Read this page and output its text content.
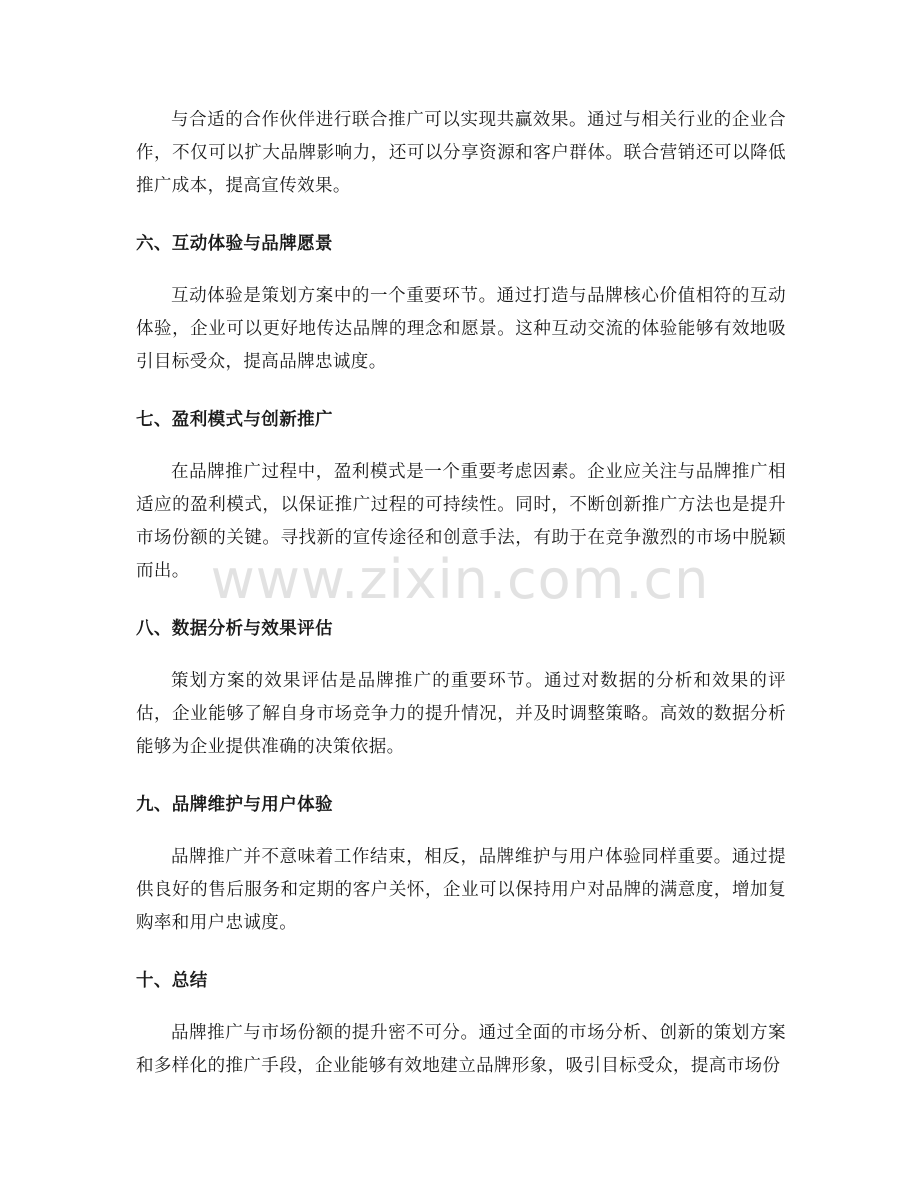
与合适的合作伙伴进行联合推广可以实现共赢效果。通过与相关行业的企业合作，不仅可以扩大品牌影响力，还可以分享资源和客户群体。联合营销还可以降低推广成本，提高宣传效果。

六、互动体验与品牌愿景

互动体验是策划方案中的一个重要环节。通过打造与品牌核心价值相符的互动体验，企业可以更好地传达品牌的理念和愿景。这种互动交流的体验能够有效地吸引目标受众，提高品牌忠诚度。

七、盈利模式与创新推广

在品牌推广过程中，盈利模式是一个重要考虑因素。企业应关注与品牌推广相适应的盈利模式，以保证推广过程的可持续性。同时，不断创新推广方法也是提升市场份额的关键。寻找新的宣传途径和创意手法，有助于在竞争激烈的市场中脱颖而出。

八、数据分析与效果评估

策划方案的效果评估是品牌推广的重要环节。通过对数据的分析和效果的评估，企业能够了解自身市场竞争力的提升情况，并及时调整策略。高效的数据分析能够为企业提供准确的决策依据。

九、品牌维护与用户体验

品牌推广并不意味着工作结束，相反，品牌维护与用户体验同样重要。通过提供良好的售后服务和定期的客户关怀，企业可以保持用户对品牌的满意度，增加复购率和用户忠诚度。

十、总结

品牌推广与市场份额的提升密不可分。通过全面的市场分析、创新的策划方案和多样化的推广手段，企业能够有效地建立品牌形象，吸引目标受众，提高市场份

www.zixin.com.cn
